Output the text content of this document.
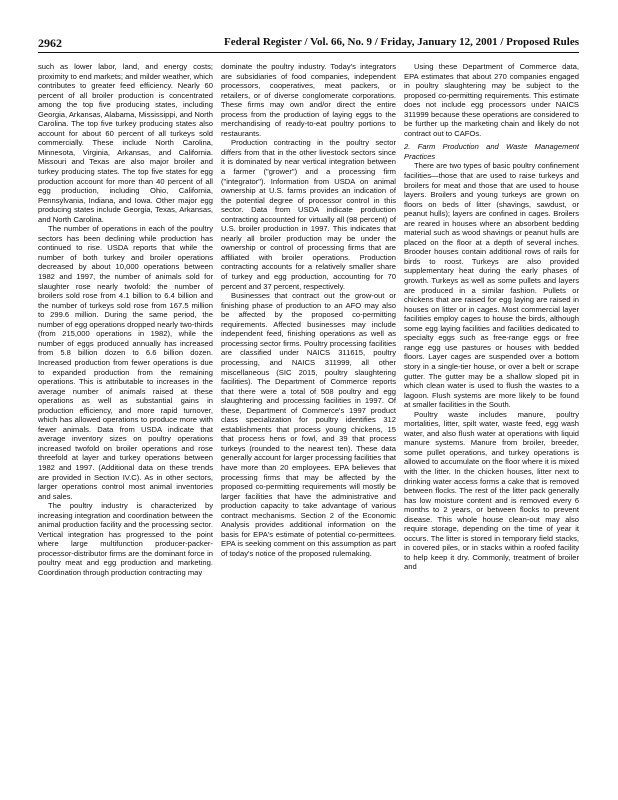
2962	Federal Register / Vol. 66, No. 9 / Friday, January 12, 2001 / Proposed Rules

such as lower labor, land, and energy costs; proximity to end markets; and milder weather, which contributes to greater feed efficiency. Nearly 60 percent of all broiler production is concentrated among the top five producing states, including Georgia, Arkansas, Alabama, Mississippi, and North Carolina. The top five turkey producing states also account for about 60 percent of all turkeys sold commercially. These include North Carolina, Minnesota, Virginia, Arkansas, and California. Missouri and Texas are also major broiler and turkey producing states. The top five states for egg production account for more than 40 percent of all egg production, including Ohio, California, Pennsylvania, Indiana, and Iowa. Other major egg producing states include Georgia, Texas, Arkansas, and North Carolina.

The number of operations in each of the poultry sectors has been declining while production has continued to rise. USDA reports that while the number of both turkey and broiler operations decreased by about 10,000 operations between 1982 and 1997, the number of animals sold for slaughter rose nearly twofold: the number of broilers sold rose from 4.1 billion to 6.4 billion and the number of turkeys sold rose from 167.5 million to 299.6 million. During the same period, the number of egg operations dropped nearly two-thirds (from 215,000 operations in 1982), while the number of eggs produced annually has increased from 5.8 billion dozen to 6.6 billion dozen. Increased production from fewer operations is due to expanded production from the remaining operations. This is attributable to increases in the average number of animals raised at these operations as well as substantial gains in production efficiency, and more rapid turnover, which has allowed operations to produce more with fewer animals. Data from USDA indicate that average inventory sizes on poultry operations increased twofold on broiler operations and rose threefold at layer and turkey operations between 1982 and 1997. (Additional data on these trends are provided in Section IV.C). As in other sectors, larger operations control most animal inventories and sales.

The poultry industry is characterized by increasing integration and coordination between the animal production facility and the processing sector. Vertical integration has progressed to the point where large multifunction producer-packer-processor-distributor firms are the dominant force in poultry meat and egg production and marketing. Coordination through production contracting may

dominate the poultry industry. Today's integrators are subsidiaries of food companies, independent processors, cooperatives, meat packers, or retailers, or of diverse conglomerate corporations. These firms may own and/or direct the entire process from the production of laying eggs to the merchandising of ready-to-eat poultry portions to restaurants.

Production contracting in the poultry sector differs from that in the other livestock sectors since it is dominated by near vertical integration between a farmer ("grower") and a processing firm ("integrator"). Information from USDA on animal ownership at U.S. farms provides an indication of the potential degree of processor control in this sector. Data from USDA indicate production contracting accounted for virtually all (98 percent) of U.S. broiler production in 1997. This indicates that nearly all broiler production may be under the ownership or control of processing firms that are affiliated with broiler operations. Production contracting accounts for a relatively smaller share of turkey and egg production, accounting for 70 percent and 37 percent, respectively.

Businesses that contract out the grow-out or finishing phase of production to an AFO may also be affected by the proposed co-permitting requirements. Affected businesses may include independent feed, finishing operations as well as processing sector firms. Poultry processing facilities are classified under NAICS 311615, poultry processing, and NAICS 311999, all other miscellaneous (SIC 2015, poultry slaughtering facilities). The Department of Commerce reports that there were a total of 508 poultry and egg slaughtering and processing facilities in 1997. Of these, Department of Commerce's 1997 product class specialization for poultry identifies 312 establishments that process young chickens, 15 that process hens or fowl, and 39 that process turkeys (rounded to the nearest ten). These data generally account for larger processing facilities that have more than 20 employees. EPA believes that processing firms that may be affected by the proposed co-permitting requirements will mostly be larger facilities that have the administrative and production capacity to take advantage of various contract mechanisms. Section 2 of the Economic Analysis provides additional information on the basis for EPA's estimate of potential co-permittees. EPA is seeking comment on this assumption as part of today's notice of the proposed rulemaking.

Using these Department of Commerce data, EPA estimates that about 270 companies engaged in poultry slaughtering may be subject to the proposed co-permitting requirements. This estimate does not include egg processors under NAICS 311999 because these operations are considered to be further up the marketing chain and likely do not contract out to CAFOs.

2. Farm Production and Waste Management Practices

There are two types of basic poultry confinement facilities—those that are used to raise turkeys and broilers for meat and those that are used to house layers. Broilers and young turkeys are grown on floors on beds of litter (shavings, sawdust, or peanut hulls); layers are confined in cages. Broilers are reared in houses where an absorbent bedding material such as wood shavings or peanut hulls are placed on the floor at a depth of several inches. Brooder houses contain additional rows of rails for birds to roost. Turkeys are also provided supplementary heat during the early phases of growth. Turkeys as well as some pullets and layers are produced in a similar fashion. Pullets or chickens that are raised for egg laying are raised in houses on litter or in cages. Most commercial layer facilities employ cages to house the birds, although some egg laying facilities and facilities dedicated to specialty eggs such as free-range eggs or free range egg use pastures or houses with bedded floors. Layer cages are suspended over a bottom story in a single-tier house, or over a belt or scrape gutter. The gutter may be a shallow sloped pit in which clean water is used to flush the wastes to a lagoon. Flush systems are more likely to be found at smaller facilities in the South.

Poultry waste includes manure, poultry mortalities, litter, spilt water, waste feed, egg wash water, and also flush water at operations with liquid manure systems. Manure from broiler, breeder, some pullet operations, and turkey operations is allowed to accumulate on the floor where it is mixed with the litter. In the chicken houses, litter next to drinking water access forms a cake that is removed between flocks. The rest of the litter pack generally has low moisture content and is removed every 6 months to 2 years, or between flocks to prevent disease. This whole house clean-out may also require storage, depending on the time of year it occurs. The litter is stored in temporary field stacks, in covered piles, or in stacks within a roofed facility to help keep it dry. Commonly, treatment of broiler and
